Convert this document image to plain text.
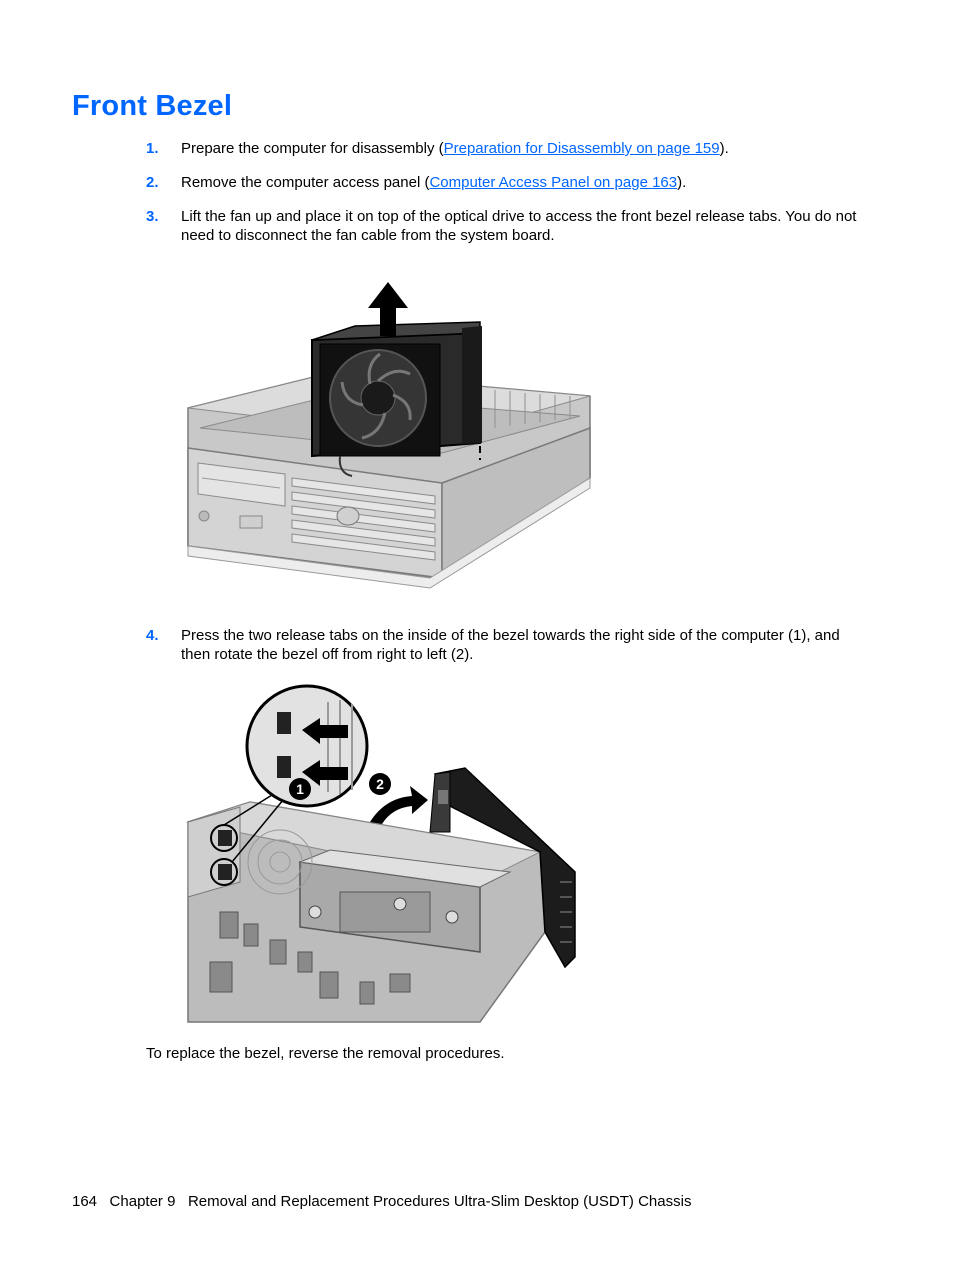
Front Bezel
1. Prepare the computer for disassembly (Preparation for Disassembly on page 159).
2. Remove the computer access panel (Computer Access Panel on page 163).
3. Lift the fan up and place it on top of the optical drive to access the front bezel release tabs. You do not need to disconnect the fan cable from the system board.
4. Press the two release tabs on the inside of the bezel towards the right side of the computer (1), and then rotate the bezel off from right to left (2).
1	2
To replace the bezel, reverse the removal procedures.
164 Chapter 9 Removal and Replacement Procedures Ultra-Slim Desktop (USDT) Chassis
